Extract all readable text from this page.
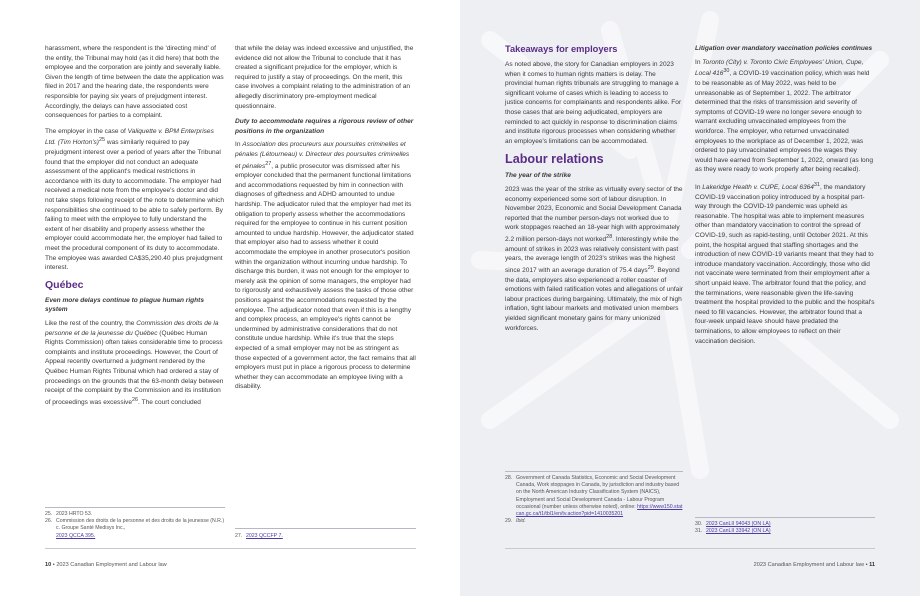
harassment, where the respondent is the 'directing mind' of the entity, the Tribunal may hold (as it did here) that both the employee and the corporation are jointly and severally liable. Given the length of time between the date the application was filed in 2017 and the hearing date, the respondents were responsible for paying six years of prejudgment interest. Accordingly, the delays can have associated cost consequences for parties to a complaint.

The employer in the case of Valiquette v. BPM Enterprises Ltd. (Tim Horton's)$^{25}$ was similarly required to pay prejudgment interest over a period of years after the Tribunal found that the employer did not conduct an adequate assessment of the applicant's medical restrictions in accordance with its duty to accommodate. The employer had received a medical note from the employee's doctor and did not take steps following receipt of the note to determine which responsibilities she continued to be able to safely perform. By failing to meet with the employee to fully understand the extent of her disability and properly assess whether the employer could accommodate her, the employer had failed to meet the procedural component of its duty to accommodate. The employee was awarded CA$35,290.40 plus prejudgment interest.

Québec
Even more delays continue to plague human rights system

Like the rest of the country, the Commission des droits de la personne et de la jeunesse du Québec (Québec Human Rights Commission) often takes considerable time to process complaints and institute proceedings. However, the Court of Appeal recently overturned a judgment rendered by the Québec Human Rights Tribunal which had ordered a stay of proceedings on the grounds that the 63-month delay between receipt of the complaint by the Commission and its institution of proceedings was excessive$^{26}$. The court concluded

that while the delay was indeed excessive and unjustified, the evidence did not allow the Tribunal to conclude that it has created a significant prejudice for the employer, which is required to justify a stay of proceedings. On the merit, this case involves a complaint relating to the administration of an allegedly discriminatory pre-employment medical questionnaire.

Duty to accommodate requires a rigorous review of other positions in the organization

In Association des procureurs aux poursuites criminelles et pénales (Létourneau) v. Directeur des poursuites criminelles et pénales$^{27}$, a public prosecutor was dismissed after his employer concluded that the permanent functional limitations and accommodations requested by him in connection with diagnoses of giftedness and ADHD amounted to undue hardship. The adjudicator ruled that the employer had met its obligation to properly assess whether the accommodations required for the employee to continue in his current position amounted to undue hardship. However, the adjudicator stated that employer also had to assess whether it could accommodate the employee in another prosecutor's position within the organization without incurring undue hardship. To discharge this burden, it was not enough for the employer to merely ask the opinion of some managers, the employer had to rigorously and exhaustively assess the tasks of those other positions against the accommodations requested by the employee. The adjudicator noted that even if this is a lengthy and complex process, an employee's rights cannot be undermined by administrative considerations that do not constitute undue hardship. While it's true that the steps expected of a small employer may not be as stringent as those expected of a government actor, the fact remains that all employers must put in place a rigorous process to determine whether they can accommodate an employee living with a disability.

25. 2023 HRTO 53.
26. Commission des droits de la personne et des droits de la jeunesse (N.R.) c. Groupe Santé Medisys Inc.,
2023 QCCA 395.	27. 2023 QCCFP 7.
10 • 2023 Canadian Employment and Labour law
Takeaways for employers

As noted above, the story for Canadian employers in 2023 when it comes to human rights matters is delay. The provincial human rights tribunals are struggling to manage a significant volume of cases which is leading to access to justice concerns for complainants and respondents alike. For those cases that are being adjudicated, employers are reminded to act quickly in response to discrimination claims and institute rigorous processes when considering whether an employee's limitations can be accommodated.

Labour relations
The year of the strike

2023 was the year of the strike as virtually every sector of the economy experienced some sort of labour disruption. In November 2023, Economic and Social Development Canada reported that the number person-days not worked due to work stoppages reached an 18-year high with approximately 2.2 million person-days not worked$^{28}$. Interestingly while the amount of strikes in 2023 was relatively consistent with past years, the average length of 2023's strikes was the highest since 2017 with an average duration of 75.4 days$^{29}$. Beyond the data, employers also experienced a roller coaster of emotions with failed ratification votes and allegations of unfair labour practices during bargaining. Ultimately, the mix of high inflation, tight labour markets and motivated union members yielded significant monetary gains for many unionized workforces.

Litigation over mandatory vaccination policies continues

In Toronto (City) v. Toronto Civic Employees' Union, Cupe, Local $416^{30}$, a COVID-19 vaccination policy, which was held to be reasonable as of May 2022, was held to be unreasonable as of September 1, 2022. The arbitrator determined that the risks of transmission and severity of symptoms of COVID-19 were no longer severe enough to warrant excluding unvaccinated employees from the workforce. The employer, who returned unvaccinated employees to the workplace as of December 1, 2022, was ordered to pay unvaccinated employees the wages they would have earned from September 1, 2022, onward (as long as they were ready to work properly after being recalled).

In Lakeridge Health v. CUPE, Local 6364$^{31}$, the mandatory COVID-19 vaccination policy introduced by a hospital part-way through the COVID-19 pandemic was upheld as reasonable. The hospital was able to implement measures other than mandatory vaccination to control the spread of COVID-19, such as rapid-testing, until October 2021. At this point, the hospital argued that staffing shortages and the introduction of new COVID-19 variants meant that they had to introduce mandatory vaccination. Accordingly, those who did not vaccinate were terminated from their employment after a short unpaid leave. The arbitrator found that the policy, and the terminations, were reasonable given the life-saving treatment the hospital provided to the public and the hospital's need to fill vacancies. However, the arbitrator found that a four-week unpaid leave should have predated the terminations, to allow employees to reflect on their vaccination decision.

28. Government of Canada Statistics, Economic and Social Development Canada, Work stoppages in Canada, by jurisdiction and industry based on the North American Industry Classification System (NAICS), Employment and Social Development Canada - Labour Program occasional (number unless otherwise noted), online: https://www150.statcan.gc.ca/t1/tbl1/en/tv.action?pid=1410035201
29. Ibid.	30. 2023 CanLII 94043 (ON LA)
31. 2023 CanLII 33942 (ON LA)
2023 Canadian Employment and Labour law • 11
